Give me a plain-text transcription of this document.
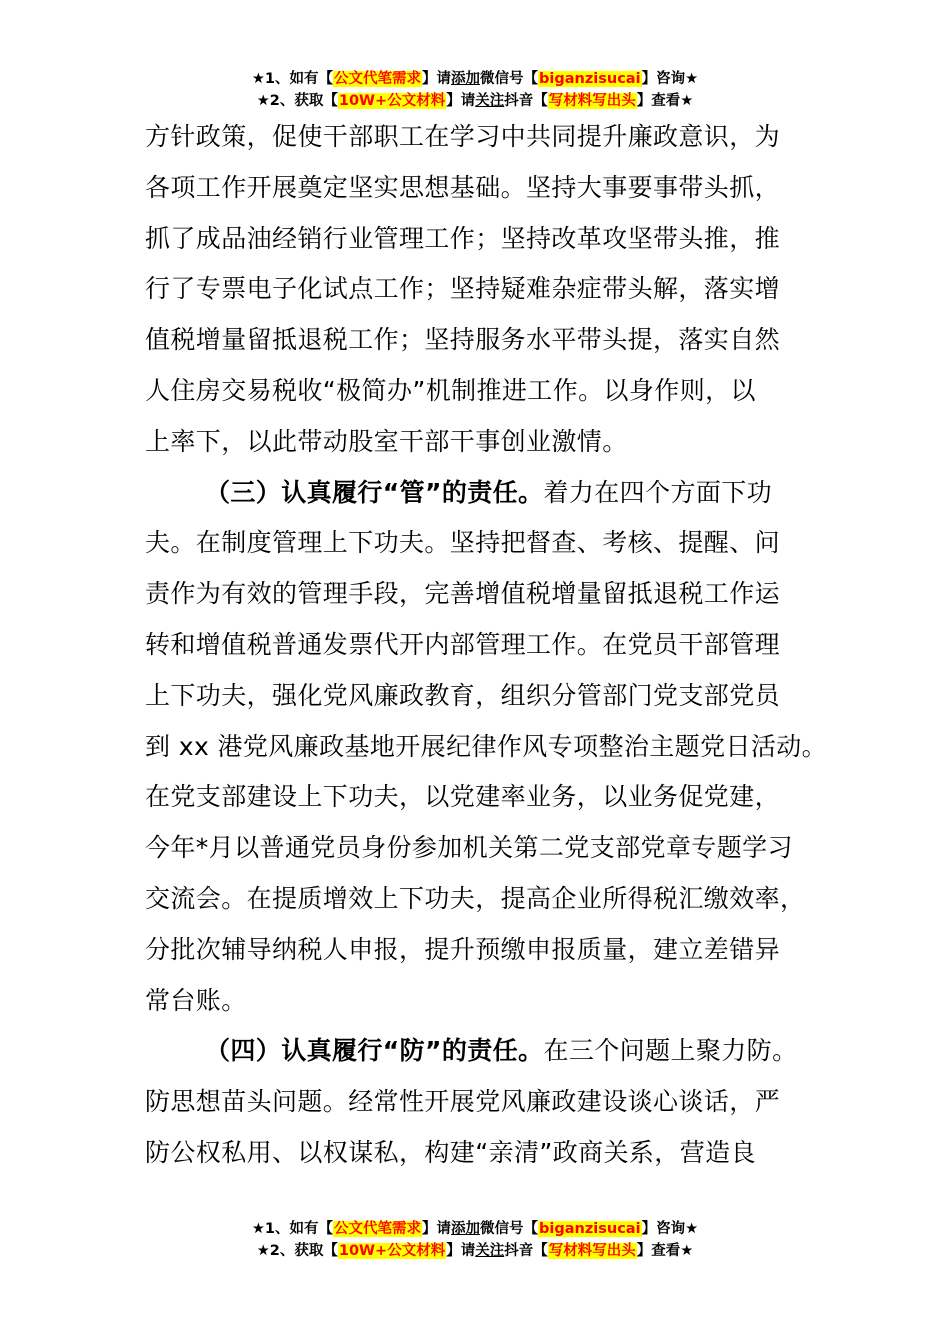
★1、如有【公文代笔需求】请添加微信号【biganzisucai】咨询★
★2、获取【10W+公文材料】请关注抖音【写材料写出头】查看★
方针政策，促使干部职工在学习中共同提升廉政意识，为
各项工作开展奠定坚实思想基础。坚持大事要事带头抓，
抓了成品油经销行业管理工作；坚持改革攻坚带头推，推
行了专票电子化试点工作；坚持疑难杂症带头解，落实增
值税增量留抵退税工作；坚持服务水平带头提，落实自然
人住房交易税收“极简办”机制推进工作。以身作则，以
上率下，以此带动股室干部干事创业激情。
（三）认真履行“管”的责任。着力在四个方面下功
夫。在制度管理上下功夫。坚持把督查、考核、提醒、问
责作为有效的管理手段，完善增值税增量留抵退税工作运
转和增值税普通发票代开内部管理工作。在党员干部管理
上下功夫，强化党风廉政教育，组织分管部门党支部党员
到 xx 港党风廉政基地开展纪律作风专项整治主题党日活动。
在党支部建设上下功夫，以党建率业务，以业务促党建，
今年*月以普通党员身份参加机关第二党支部党章专题学习
交流会。在提质增效上下功夫，提高企业所得税汇缴效率，
分批次辅导纳税人申报，提升预缴申报质量，建立差错异
常台账。
（四）认真履行“防”的责任。在三个问题上聚力防。
防思想苗头问题。经常性开展党风廉政建设谈心谈话，严
防公权私用、以权谋私，构建“亲清”政商关系，营造良
★1、如有【公文代笔需求】请添加微信号【biganzisucai】咨询★
★2、获取【10W+公文材料】请关注抖音【写材料写出头】查看★
